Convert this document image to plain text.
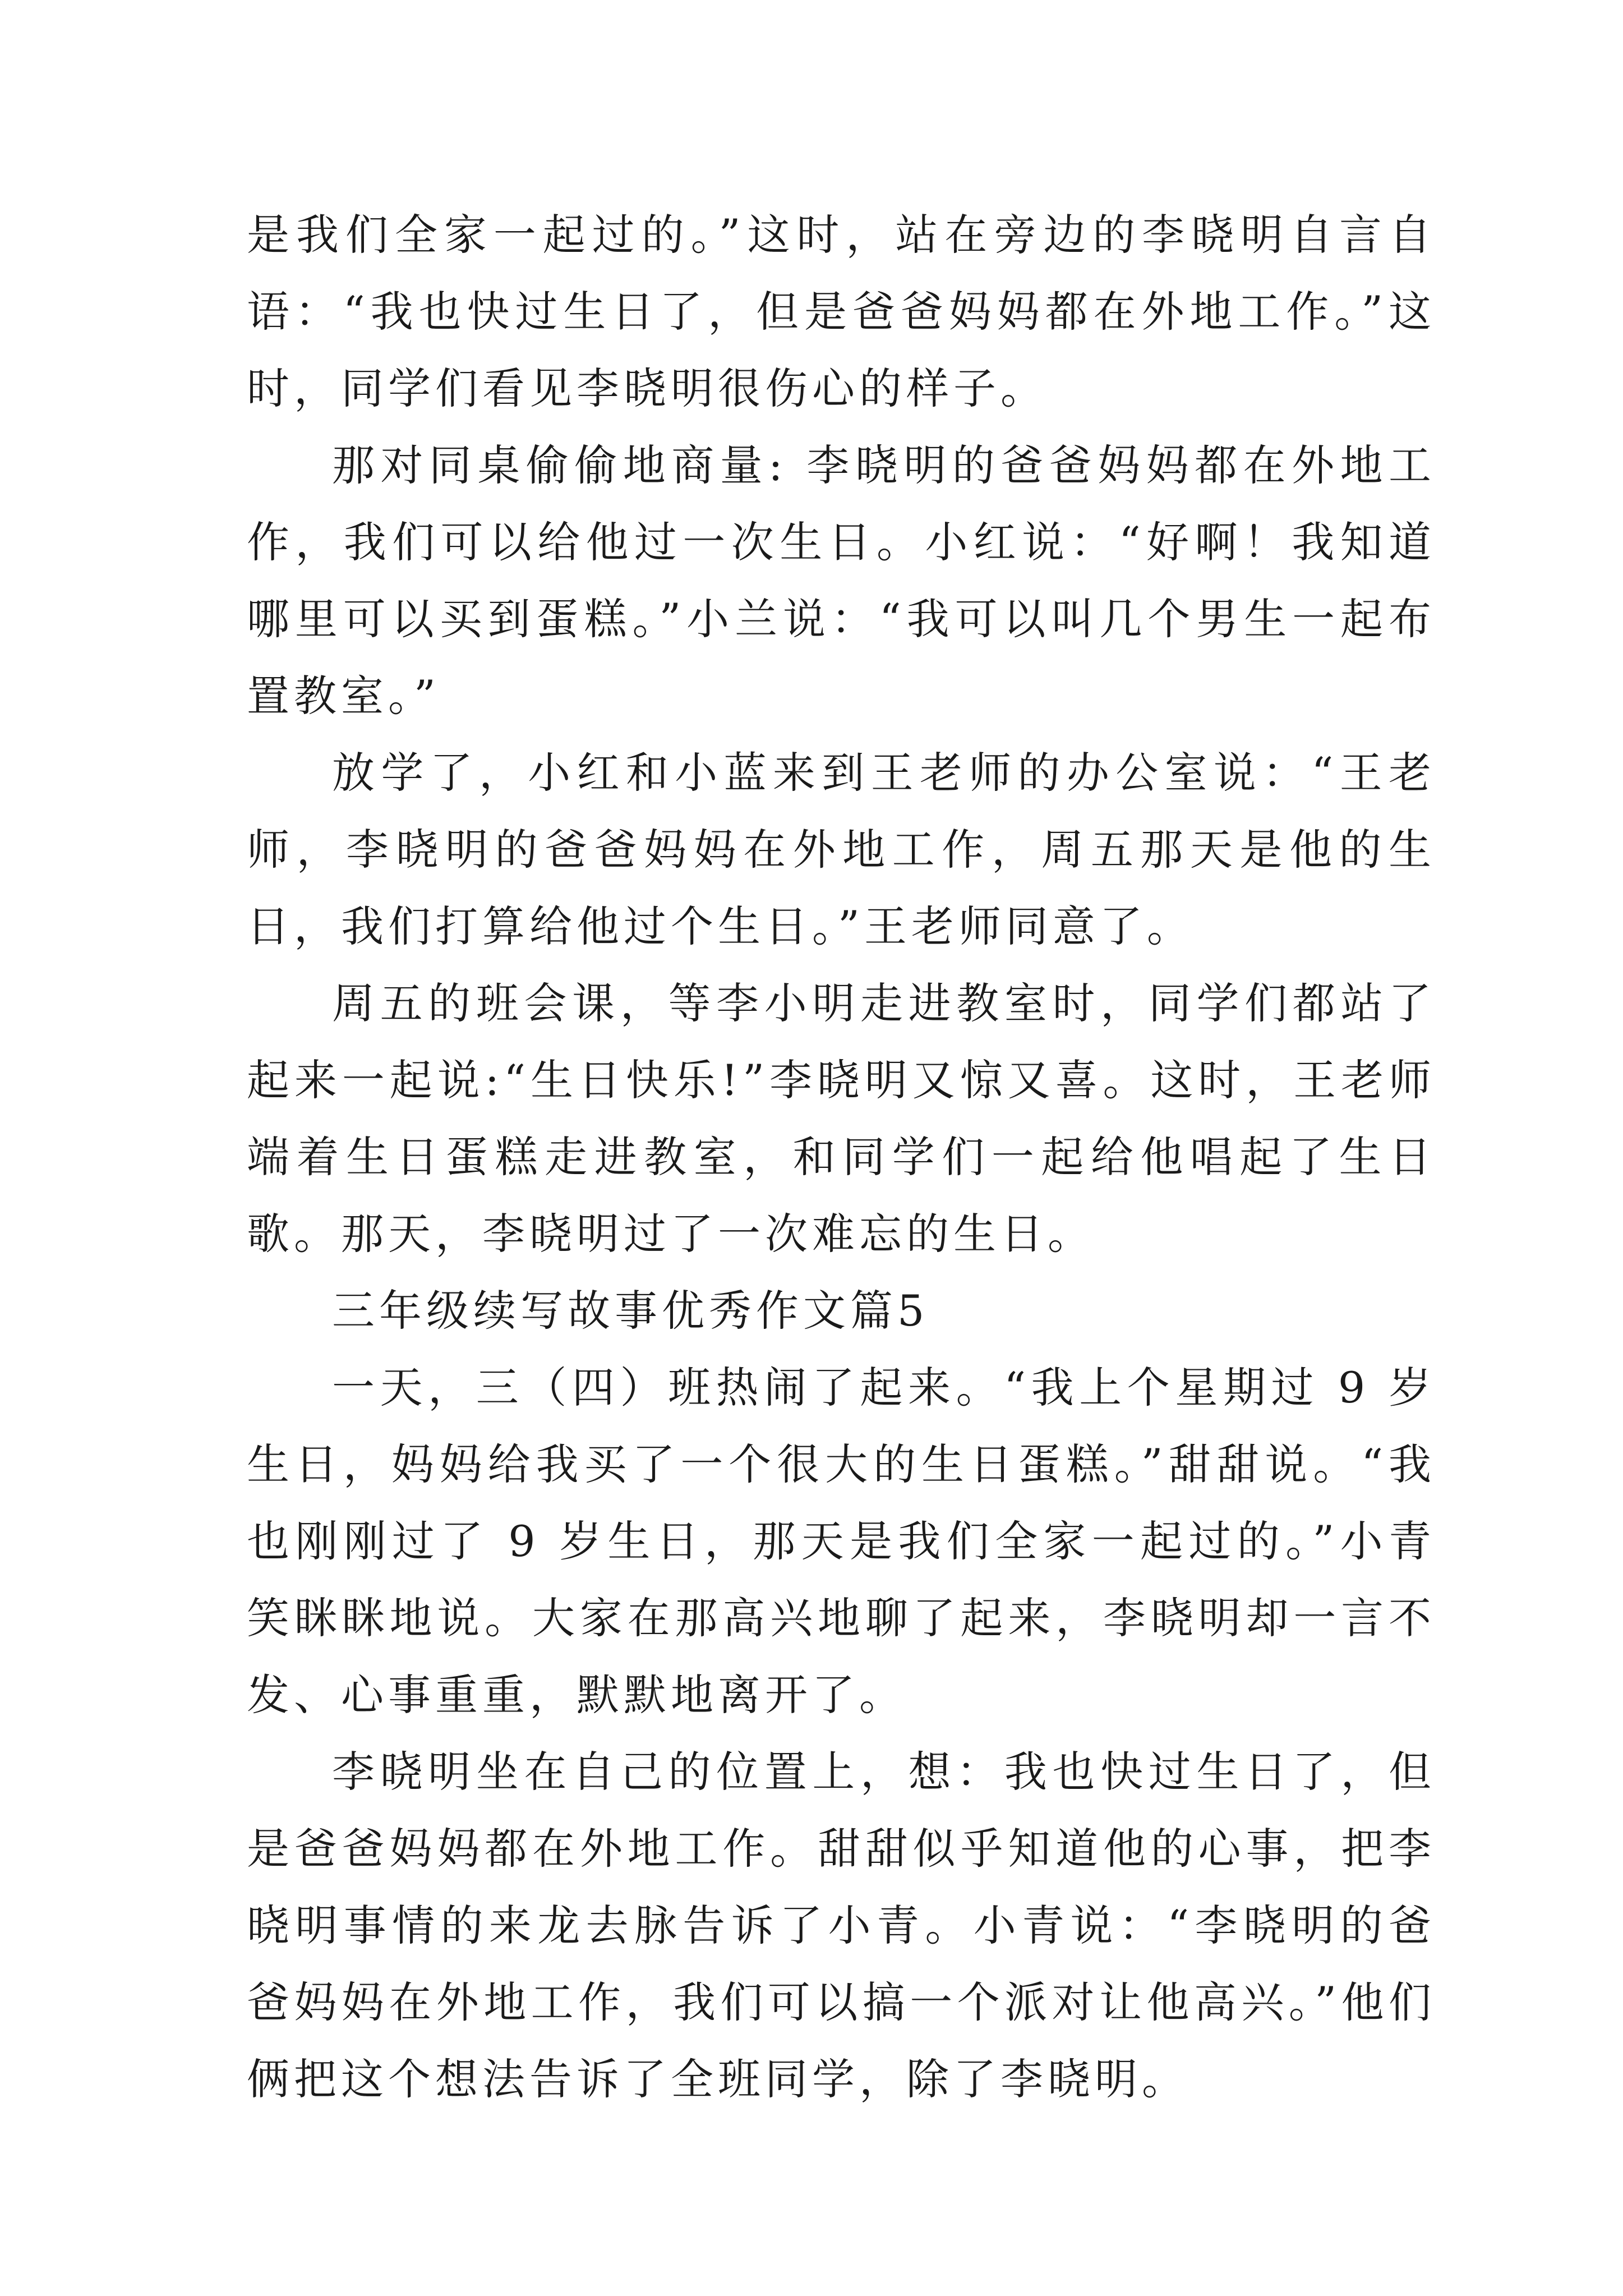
是我们全家一起过的。”这时，站在旁边的李晓明自言自语：“我也快过生日了，但是爸爸妈妈都在外地工作。”这时，同学们看见李晓明很伤心的样子。

那对同桌偷偷地商量: 李晓明的爸爸妈妈都在外地工作，我们可以给他过一次生日。小红说：“好啊！我知道哪里可以买到蛋糕。”小兰说：“我可以叫几个男生一起布置教室。”

放学了，小红和小蓝来到王老师的办公室说：“王老师，李晓明的爸爸妈妈在外地工作，周五那天是他的生日，我们打算给他过个生日。”王老师同意了。

周五的班会课，等李小明走进教室时，同学们都站了起来一起说:“生日快乐!”李晓明又惊又喜。这时，王老师端着生日蛋糕走进教室，和同学们一起给他唱起了生日歌。那天，李晓明过了一次难忘的生日。

三年级续写故事优秀作文篇5

一天，三（四）班热闹了起来。“我上个星期过 9 岁生日，妈妈给我买了一个很大的生日蛋糕。”甜甜说。“我也刚刚过了 9 岁生日，那天是我们全家一起过的。”小青笑眯眯地说。大家在那高兴地聊了起来，李晓明却一言不发、心事重重，默默地离开了。

李晓明坐在自己的位置上，想：我也快过生日了，但是爸爸妈妈都在外地工作。甜甜似乎知道他的心事，把李晓明事情的来龙去脉告诉了小青。小青说：“李晓明的爸爸妈妈在外地工作，我们可以搞一个派对让他高兴。”他们俩把这个想法告诉了全班同学，除了李晓明。
